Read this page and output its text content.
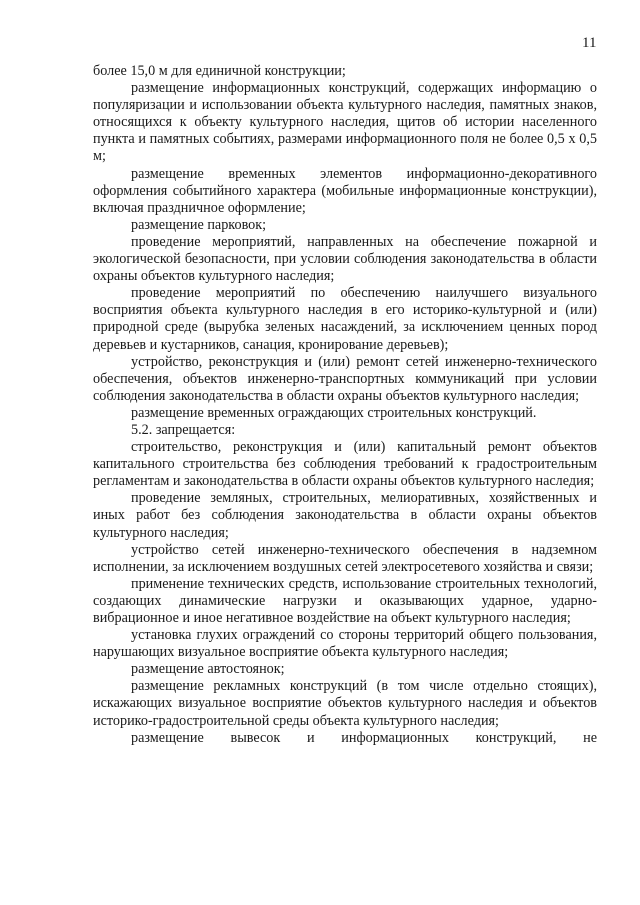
11

более 15,0 м для единичной конструкции;

размещение информационных конструкций, содержащих информацию о популяризации и использовании объекта культурного наследия, памятных знаков, относящихся к объекту культурного наследия, щитов об истории населенного пункта и памятных событиях, размерами информационного поля не более 0,5 х 0,5 м;

размещение временных элементов информационно-декоративного оформления событийного характера (мобильные информационные конструкции), включая праздничное оформление;

размещение парковок;

проведение мероприятий, направленных на обеспечение пожарной и экологической безопасности, при условии соблюдения законодательства в области охраны объектов культурного наследия;

проведение мероприятий по обеспечению наилучшего визуального восприятия объекта культурного наследия в его историко-культурной и (или) природной среде (вырубка зеленых насаждений, за исключением ценных пород деревьев и кустарников, санация, кронирование деревьев);

устройство, реконструкция и (или) ремонт сетей инженерно-технического обеспечения, объектов инженерно-транспортных коммуникаций при условии соблюдения законодательства в области охраны объектов культурного наследия;

размещение временных ограждающих строительных конструкций.

5.2. запрещается:

строительство, реконструкция и (или) капитальный ремонт объектов капитального строительства без соблюдения требований к градостроительным регламентам и законодательства в области охраны объектов культурного наследия;

проведение земляных, строительных, мелиоративных, хозяйственных и иных работ без соблюдения законодательства в области охраны объектов культурного наследия;

устройство сетей инженерно-технического обеспечения в надземном исполнении, за исключением воздушных сетей электросетевого хозяйства и связи;

применение технических средств, использование строительных технологий, создающих динамические нагрузки и оказывающих ударное, ударно-вибрационное и иное негативное воздействие на объект культурного наследия;

установка глухих ограждений со стороны территорий общего пользования, нарушающих визуальное восприятие объекта культурного наследия;

размещение автостоянок;

размещение рекламных конструкций (в том числе отдельно стоящих), искажающих визуальное восприятие объектов культурного наследия и объектов историко-градостроительной среды объекта культурного наследия;

размещение вывесок и информационных конструкций, не
